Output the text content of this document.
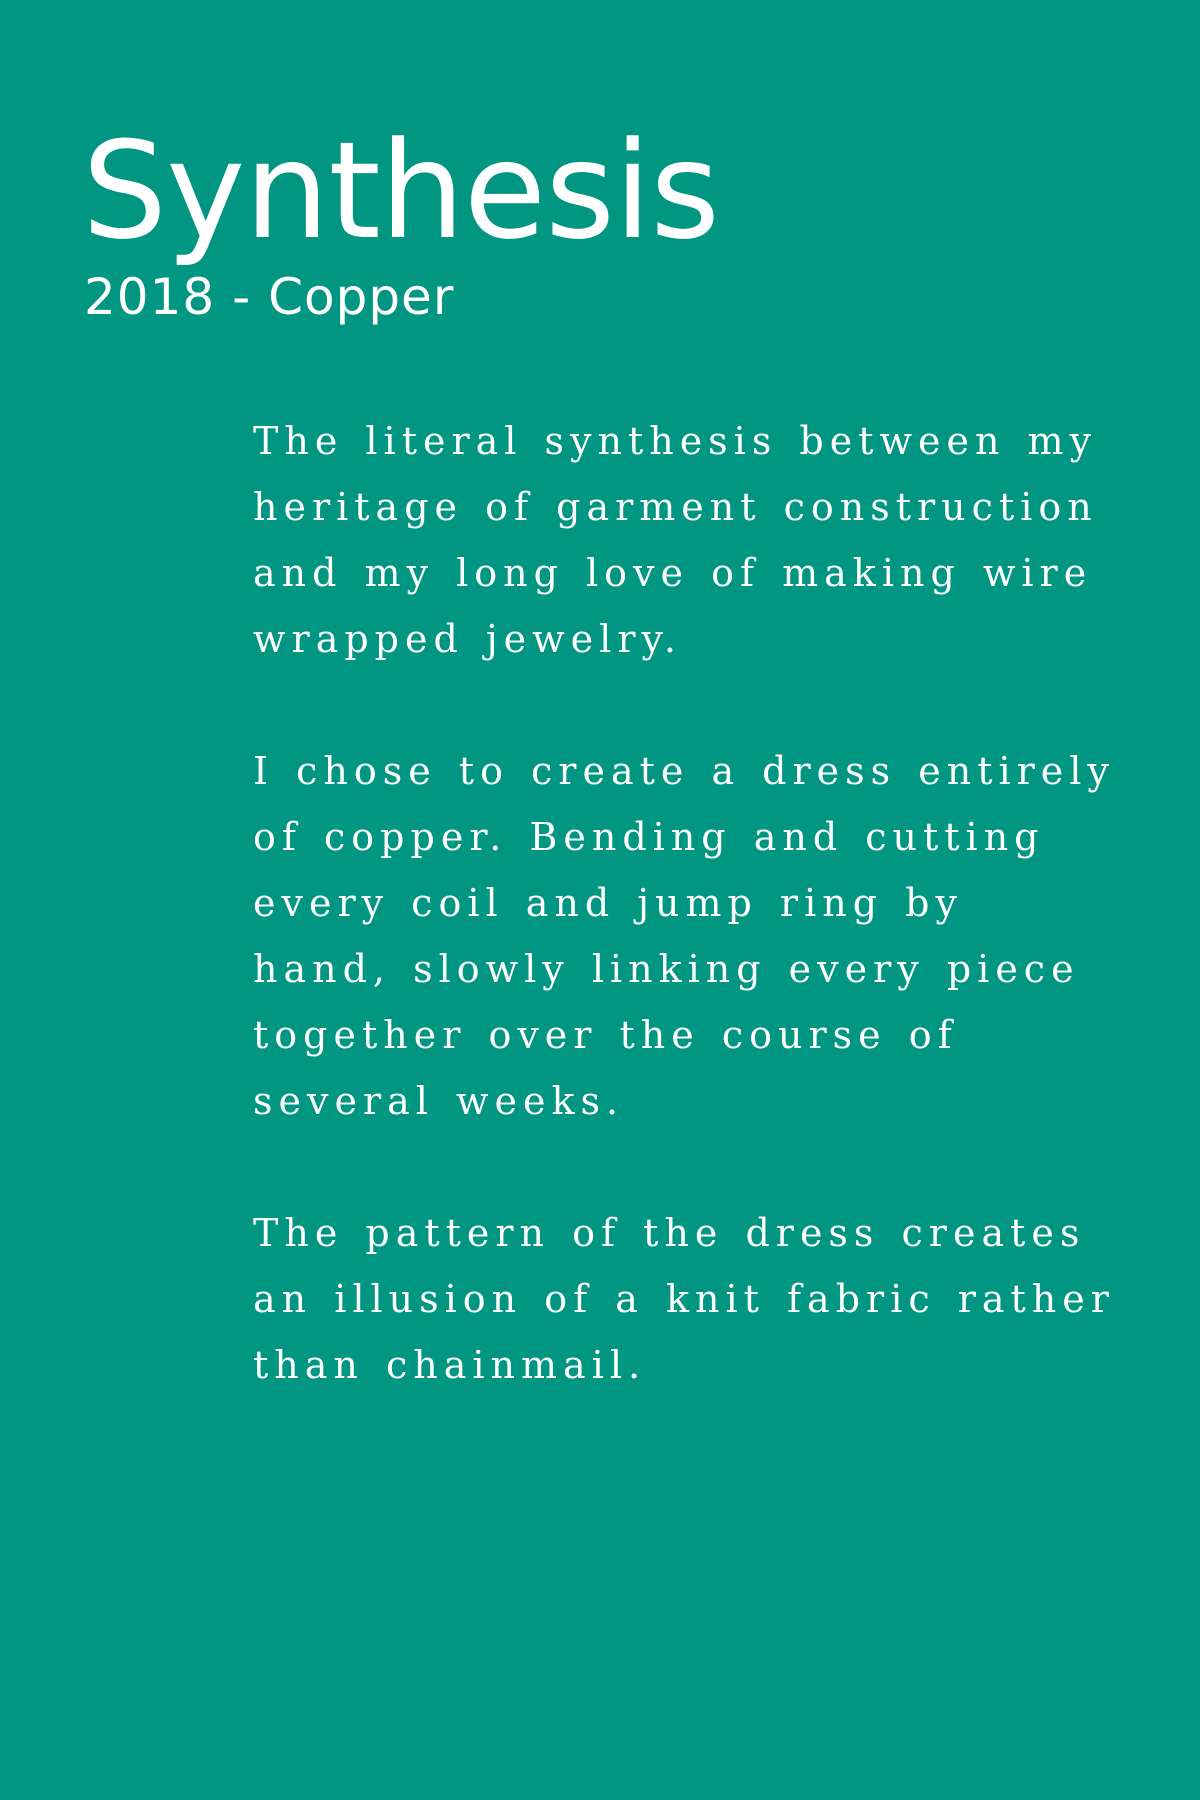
Synthesis
2018 - Copper

The literal synthesis between my
heritage of garment construction
and my long love of making wire
wrapped jewelry.

I chose to create a dress entirely
of copper. Bending and cutting
every coil and jump ring by
hand, slowly linking every piece
together over the course of
several weeks.

The pattern of the dress creates
an illusion of a knit fabric rather
than chainmail.
